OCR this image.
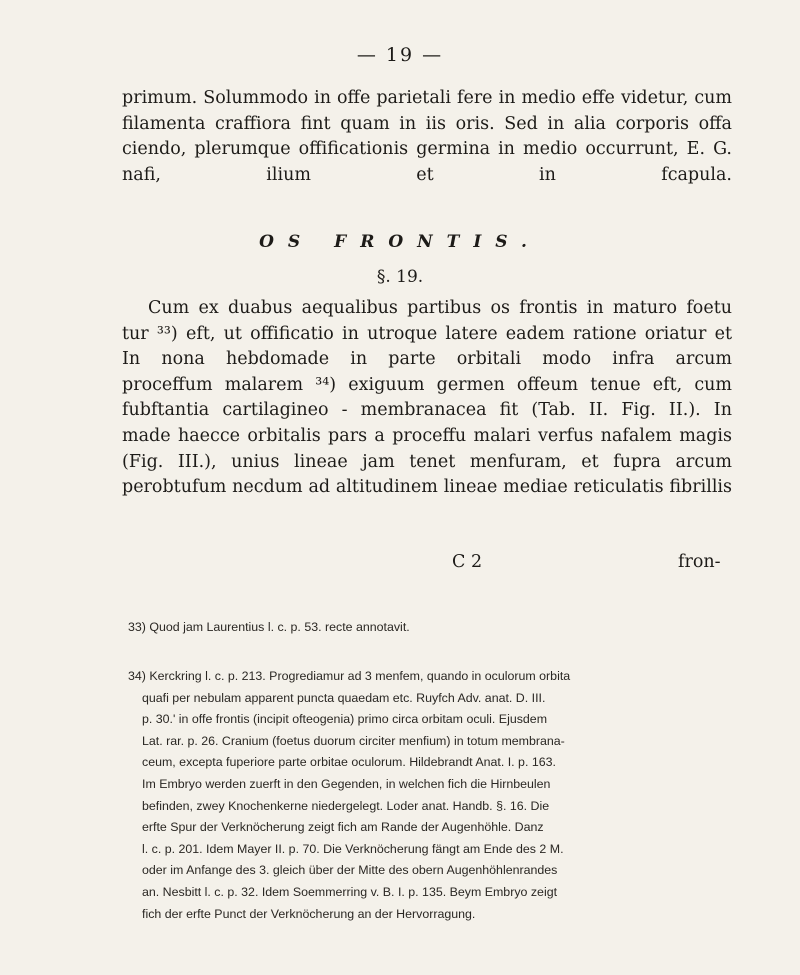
— 19 —
primum. Solummodo in offe parietali fere in medio effe videtur, cum
filamenta craffiora fint quam in iis oris. Sed in alia corporis offa
ciendo, plerumque offificationis germina in medio occurrunt, E. G.
nafi, ilium et in fcapula.
OS FRONTIS.
§. 19.
Cum ex duabus aequalibus partibus os frontis in maturo foetu
tur ³³) eft, ut offificatio in utroque latere eadem ratione oriatur et
In nona hebdomade in parte orbitali modo infra arcum
proceffum malarem ³⁴) exiguum germen offeum tenue eft, cum
fubftantia cartilagineo - membranacea fit (Tab. II. Fig. II.). In
made haecce orbitalis pars a proceffu malari verfus nafalem magis
(Fig. III.), unius lineae jam tenet menfuram, et fupra arcum
perobtufum necdum ad altitudinem lineae mediae reticulatis fibrillis
C 2	fron-
33) Quod jam Laurentius l. c. p. 53. recte annotavit.
34) Kerckring l. c. p. 213. Progrediamur ad 3 menfem, quando in oculorum orbita
quafi per nebulam apparent puncta quaedam etc. Ruyfch Adv. anat. D. III.
p. 30.' in offe frontis (incipit ofteogenia) primo circa orbitam oculi. Ejusdem
Lat. rar. p. 26. Cranium (foetus duorum circiter menfium) in totum membrana-
ceum, excepta fuperiore parte orbitae oculorum. Hildebrandt Anat. I. p. 163.
Im Embryo werden zuerft in den Gegenden, in welchen fich die Hirnbeulen
befinden, zwey Knochenkerne niedergelegt. Loder anat. Handb. §. 16. Die
erfte Spur der Verknöcherung zeigt fich am Rande der Augenhöhle. Danz
l. c. p. 201. Idem Mayer II. p. 70. Die Verknöcherung fängt am Ende des 2 M.
oder im Anfange des 3. gleich über der Mitte des obern Augenhöhlenrandes
an. Nesbitt l. c. p. 32. Idem Soemmerring v. B. I. p. 135. Beym Embryo zeigt
fich der erfte Punct der Verknöcherung an der Hervorragung.
